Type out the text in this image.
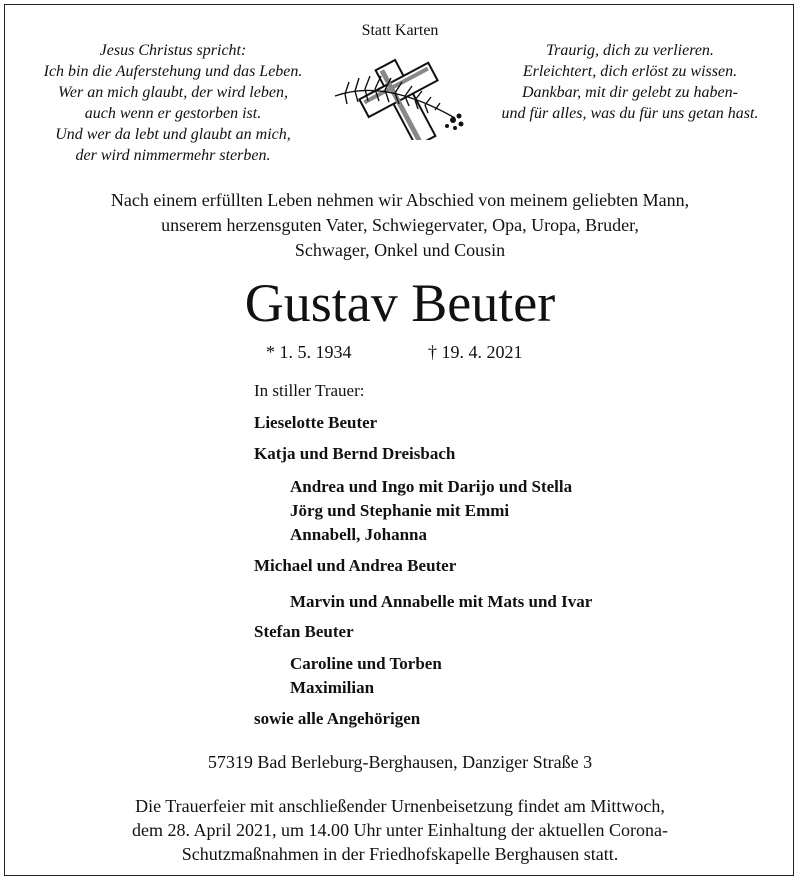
Statt Karten
Jesus Christus spricht:
Ich bin die Auferstehung und das Leben.
Wer an mich glaubt, der wird leben,
auch wenn er gestorben ist.
Und wer da lebt und glaubt an mich,
der wird nimmermehr sterben.
Traurig, dich zu verlieren.
Erleichtert, dich erlöst zu wissen.
Dankbar, mit dir gelebt zu haben-
und für alles, was du für uns getan hast.
Nach einem erfüllten Leben nehmen wir Abschied von meinem geliebten Mann,
unserem herzensguten Vater, Schwiegervater, Opa, Uropa, Bruder,
Schwager, Onkel und Cousin
Gustav Beuter
* 1. 5. 1934	† 19. 4. 2021
In stiller Trauer:
Lieselotte Beuter
Katja und Bernd Dreisbach
Andrea und Ingo mit Darijo und Stella
Jörg und Stephanie mit Emmi
Annabell, Johanna
Michael und Andrea Beuter
Marvin und Annabelle mit Mats und Ivar
Stefan Beuter
Caroline und Torben
Maximilian
sowie alle Angehörigen
57319 Bad Berleburg-Berghausen, Danziger Straße 3
Die Trauerfeier mit anschließender Urnenbeisetzung findet am Mittwoch,
dem 28. April 2021, um 14.00 Uhr unter Einhaltung der aktuellen Corona-
Schutzmaßnahmen in der Friedhofskapelle Berghausen statt.
